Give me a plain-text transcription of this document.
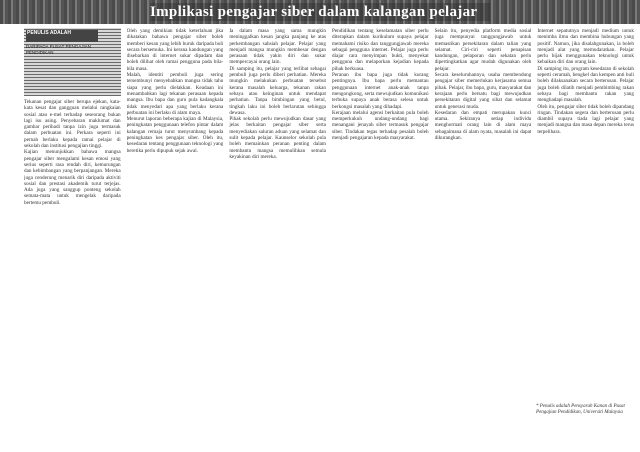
Implikasi pengajar siber dalam kalangan pelajar
PENULIS ADALAH
DARIPADA PUSAT PENGAJIAN PENDIDIKAN

Tekanan pengajar siber berupa ejekan, kata-kata kesat dan gangguan melalui rangkaian sosial atau e-mel terhadap seseorang bukan lagi isu asing. Penyebaran maklumat dan gambar peribadi tanpa izin juga termasuk dalam perbuatan ini. Perkara seperti ini pernah berlaku kepada ramai pelajar di sekolah dan institusi pengajian tinggi.

Kajian menunjukkan bahawa mangsa pengajar siber mengalami kesan emosi yang serius seperti rasa rendah diri, kemurungan dan kebimbangan yang berpanjangan. Mereka juga cenderung menarik diri daripada aktiviti sosial dan prestasi akademik turut terjejas. Ada juga yang sanggup ponteng sekolah semata-mata untuk mengelak daripada bertemu pembuli.

Oleh yang demikian tidak keterlaluan jika dikatakan bahawa pengajar siber boleh memberi kesan yang lebih buruk daripada buli secara bersemuka. Ini kerana kandungan yang disebarkan di internet sukar dipadam dan boleh dilihat oleh ramai pengguna pada bila-bila masa.

Malah, identiti pembuli juga sering tersembunyi menyebabkan mangsa tidak tahu siapa yang perlu dielakkan. Keadaan ini menambahkan lagi tekanan perasaan kepada mangsa. Ibu bapa dan guru pula kadangkala tidak menyedari apa yang berlaku kerana perbuatan ini berlaku di alam maya.

Menurut laporan beberapa kajian di Malaysia, peningkatan penggunaan telefon pintar dalam kalangan remaja turut menyumbang kepada peningkatan kes pengajar siber. Oleh itu, kesedaran tentang penggunaan teknologi yang beretika perlu dipupuk sejak awal.

Ia dalam masa yang sama mungkin meninggalkan kesan jangka panjang ke atas perkembangan sahsiah pelajar. Pelajar yang menjadi mangsa mungkin membesar dengan perasaan tidak yakin diri dan sukar mempercayai orang lain.

Di samping itu, pelajar yang terlibat sebagai pembuli juga perlu diberi perhatian. Mereka mungkin melakukan perbuatan tersebut kerana masalah keluarga, tekanan rakan sebaya atau keinginan untuk mendapat perhatian. Tanpa bimbingan yang betul, tingkah laku ini boleh berlarutan sehingga dewasa.

Pihak sekolah perlu mewujudkan dasar yang jelas berkaitan pengajar siber serta menyediakan saluran aduan yang selamat dan sulit kepada pelajar. Kaunselor sekolah pula boleh memainkan peranan penting dalam membantu mangsa memulihkan semula keyakinan diri mereka.

Pendidikan tentang keselamatan siber perlu diterapkan dalam kurikulum supaya pelajar memahami risiko dan tanggungjawab mereka sebagai pengguna internet. Pelajar juga perlu diajar cara menyimpan bukti, menyekat pengguna dan melaporkan kejadian kepada pihak berkuasa.

Peranan ibu bapa juga tidak kurang pentingnya. Ibu bapa perlu memantau penggunaan internet anak-anak tanpa mengongkong, serta mewujudkan komunikasi terbuka supaya anak berasa selesa untuk berkongsi masalah yang dihadapi.

Kerajaan melalui agensi berkaitan pula boleh memperkukuh undang-undang bagi menangani jenayah siber termasuk pengajar siber. Tindakan tegas terhadap pesalah boleh menjadi pengajaran kepada masyarakat.

Selain itu, penyedia platform media sosial juga mempunyai tanggungjawab untuk memastikan persekitaran dalam talian yang selamat. Ciri-ciri seperti penapisan kandungan, pelaporan dan sekatan perlu dipertingkatkan agar mudah digunakan oleh pelajar.

Secara keseluruhannya, usaha membendung pengajar siber memerlukan kerjasama semua pihak. Pelajar, ibu bapa, guru, masyarakat dan kerajaan perlu bersatu bagi mewujudkan persekitaran digital yang sihat dan selamat untuk generasi muda.

Kesedaran dan empati merupakan kunci utama. Sekiranya setiap individu menghormati orang lain di alam maya sebagaimana di alam nyata, masalah ini dapat dikurangkan.

Internet sepatutnya menjadi medium untuk menimba ilmu dan membina hubungan yang positif. Namun, jika disalahgunakan, ia boleh menjadi alat yang memudaratkan. Pelajar perlu bijak menggunakan teknologi untuk kebaikan diri dan orang lain.

Di samping itu, program kesedaran di sekolah seperti ceramah, bengkel dan kempen anti buli boleh dilaksanakan secara berterusan. Pelajar juga boleh dilatih menjadi pembimbing rakan sebaya bagi membantu rakan yang menghadapi masalah.

Oleh itu, pengajar siber tidak boleh dipandang ringan. Tindakan segera dan berterusan perlu diambil supaya tiada lagi pelajar yang menjadi mangsa dan masa depan mereka terus terpelihara.

* Penulis adalah Pensyarah Kanan di Pusat Pengajian Pendidikan, Universiti Malaysia
